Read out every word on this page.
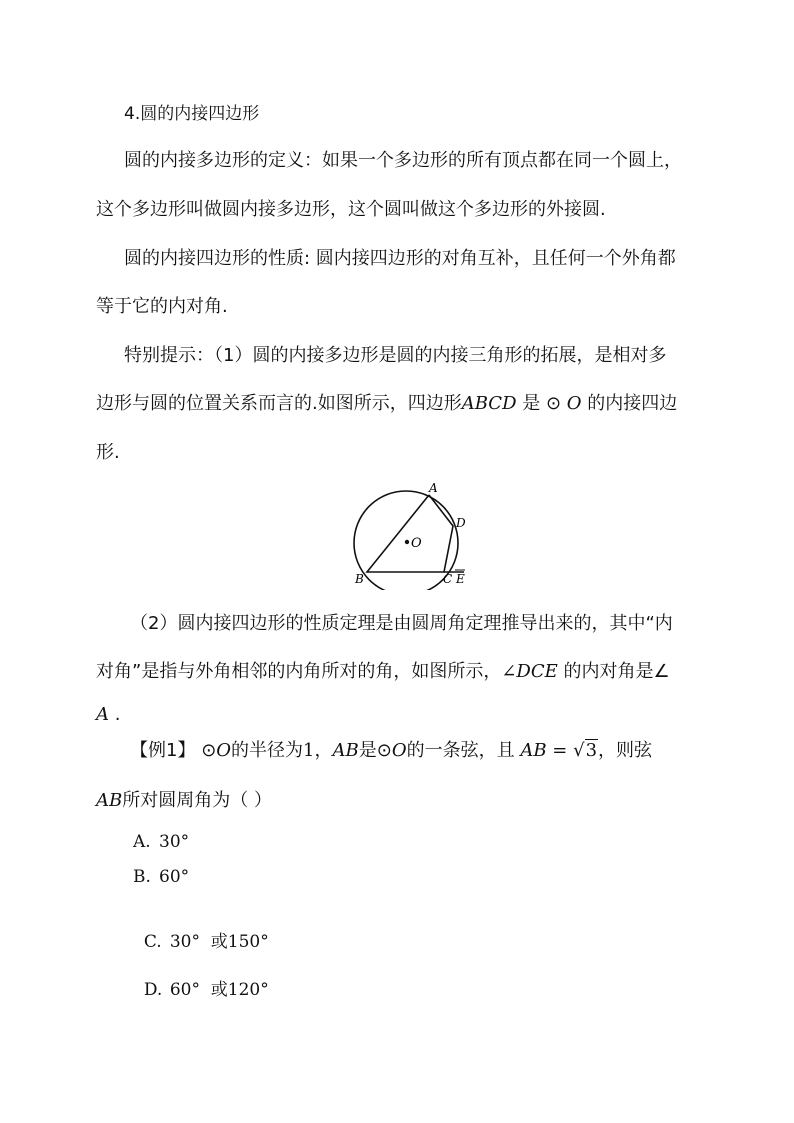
4.圆的内接四边形
圆的内接多边形的定义：如果一个多边形的所有顶点都在同一个圆上，
这个多边形叫做圆内接多边形，这个圆叫做这个多边形的外接圆.
圆的内接四边形的性质: 圆内接四边形的对角互补，且任何一个外角都
等于它的内对角.
特别提示：（1）圆的内接多边形是圆的内接三角形的拓展，是相对多
边形与圆的位置关系而言的.如图所示，四边形ABCD 是 ⊙ O 的内接四边
形.
A
D
O
B	C E
（2）圆内接四边形的性质定理是由圆周角定理推导出来的，其中“内
对角”是指与外角相邻的内角所对的角，如图所示，∠DCE 的内对角是∠
A .
【例1】 ⊙O的半径为1，AB是⊙O的一条弦，且 AB = √3，则弦
AB所对圆周角为（ ）
A. 30°
B. 60°

C. 30°  或150°

D. 60°  或120°
